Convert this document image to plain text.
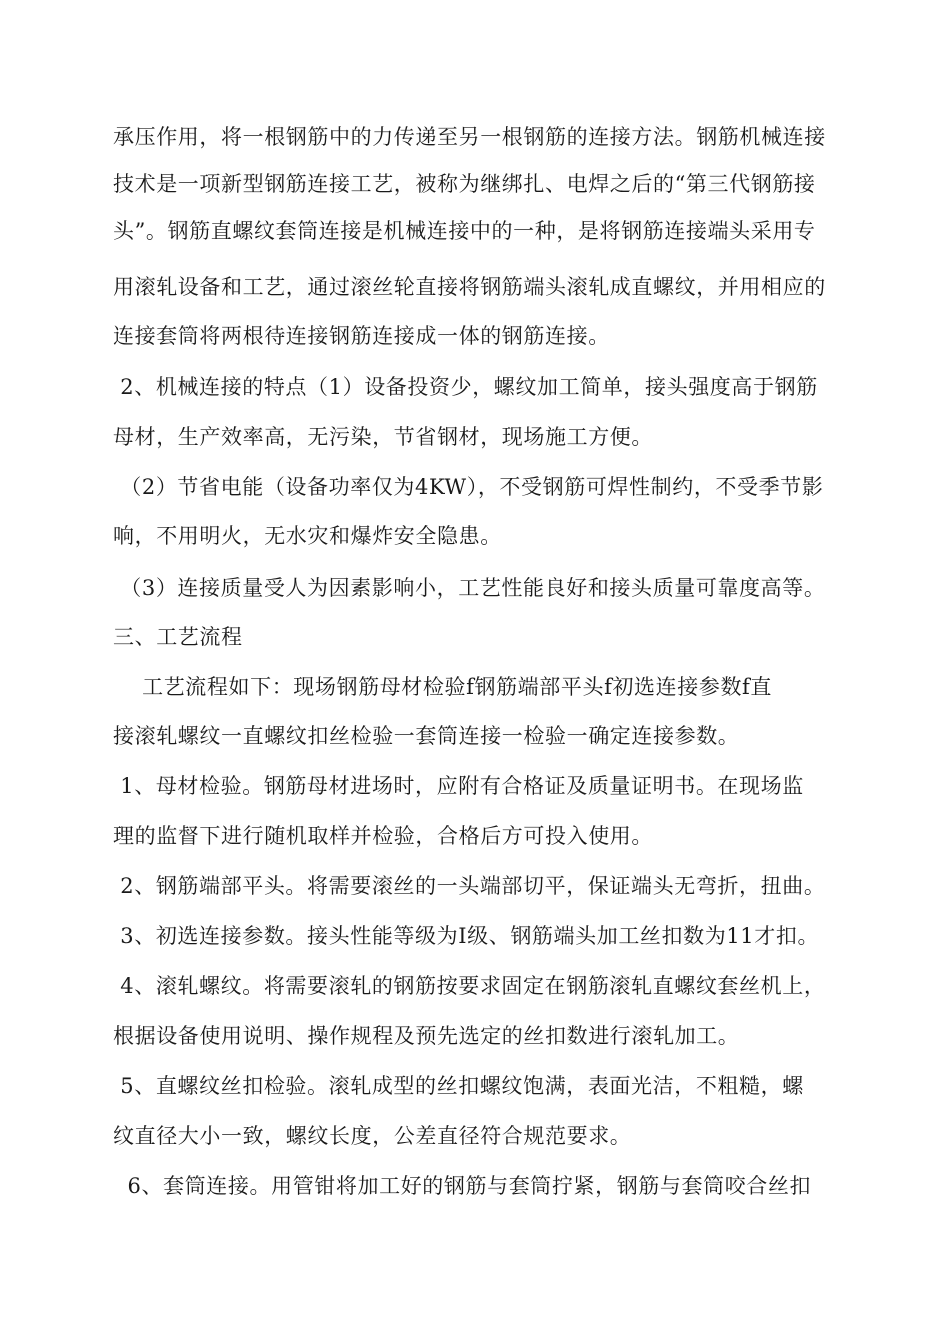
承压作用，将一根钢筋中的力传递至另一根钢筋的连接方法。钢筋机械连接
技术是一项新型钢筋连接工艺，被称为继绑扎、电焊之后的“第三代钢筋接
头”。钢筋直螺纹套筒连接是机械连接中的一种，是将钢筋连接端头采用专
用滚轧设备和工艺，通过滚丝轮直接将钢筋端头滚轧成直螺纹，并用相应的
连接套筒将两根待连接钢筋连接成一体的钢筋连接。
2、机械连接的特点（1）设备投资少，螺纹加工简单，接头强度高于钢筋
母材，生产效率高，无污染，节省钢材，现场施工方便。
（2）节省电能（设备功率仅为4KW），不受钢筋可焊性制约，不受季节影
响，不用明火，无水灾和爆炸安全隐患。
（3）连接质量受人为因素影响小，工艺性能良好和接头质量可靠度高等。
三、工艺流程
工艺流程如下：现场钢筋母材检验f钢筋端部平头f初选连接参数f直
接滚轧螺纹一直螺纹扣丝检验一套筒连接一检验一确定连接参数。
1、母材检验。钢筋母材进场时，应附有合格证及质量证明书。在现场监
理的监督下进行随机取样并检验，合格后方可投入使用。
2、钢筋端部平头。将需要滚丝的一头端部切平，保证端头无弯折，扭曲。
3、初选连接参数。接头性能等级为Ⅰ级、钢筋端头加工丝扣数为11才扣。
4、滚轧螺纹。将需要滚轧的钢筋按要求固定在钢筋滚轧直螺纹套丝机上，
根据设备使用说明、操作规程及预先选定的丝扣数进行滚轧加工。
5、直螺纹丝扣检验。滚轧成型的丝扣螺纹饱满，表面光洁，不粗糙，螺
纹直径大小一致，螺纹长度，公差直径符合规范要求。
6、套筒连接。用管钳将加工好的钢筋与套筒拧紧，钢筋与套筒咬合丝扣
